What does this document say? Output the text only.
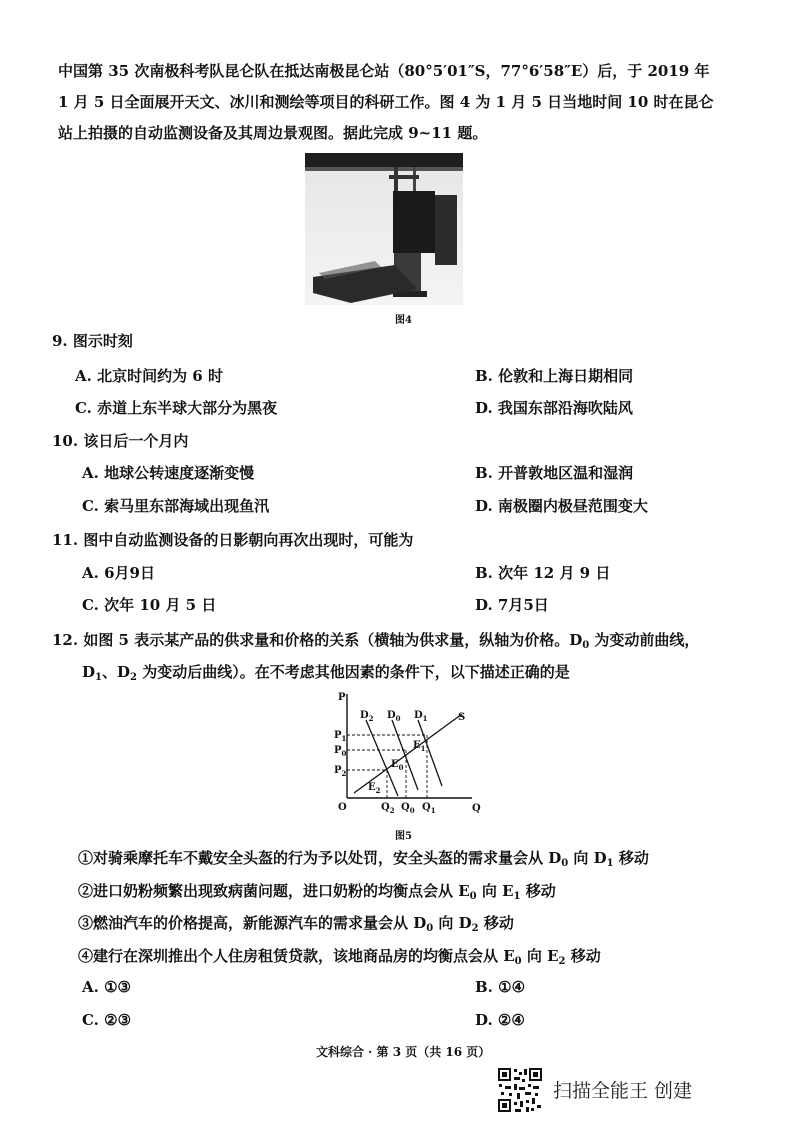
中国第 35 次南极科考队昆仑队在抵达南极昆仑站（80°5′01″S，77°6′58″E）后，于 2019 年
1 月 5 日全面展开天文、冰川和测绘等项目的科研工作。图 4 为 1 月 5 日当地时间 10 时在昆仑
站上拍摄的自动监测设备及其周边景观图。据此完成 9~11 题。
图4
9. 图示时刻
A. 北京时间约为 6 时	B. 伦敦和上海日期相同
C. 赤道上东半球大部分为黑夜	D. 我国东部沿海吹陆风
10. 该日后一个月内
A. 地球公转速度逐渐变慢	B. 开普敦地区温和湿润
C. 索马里东部海域出现鱼汛	D. 南极圈内极昼范围变大
11. 图中自动监测设备的日影朝向再次出现时，可能为
A. 6月9日	B. 次年 12 月 9 日
C. 次年 10 月 5 日	D. 7月5日
12. 如图 5 表示某产品的供求量和价格的关系（横轴为供求量，纵轴为价格。$D_0$ 为变动前曲线，
$D_1$、$D_2$ 为变动后曲线）。在不考虑其他因素的条件下，以下描述正确的是
P
Q
O
$P_1$
$P_0$
$P_2$
$Q_2$ $Q_0$ $Q_1$
$D_2$ $D_0$ $D_1$	S
$E_1$
$E_0$
$E_2$
图5
①对骑乘摩托车不戴安全头盔的行为予以处罚，安全头盔的需求量会从 $D_0$ 向 $D_1$ 移动
②进口奶粉频繁出现致病菌问题，进口奶粉的均衡点会从 $E_0$ 向 $E_1$ 移动
③燃油汽车的价格提高，新能源汽车的需求量会从 $D_0$ 向 $D_2$ 移动
④建行在深圳推出个人住房租赁贷款，该地商品房的均衡点会从 $E_0$ 向 $E_2$ 移动
A. ①③	B. ①④
C. ②③	D. ②④
文科综合 · 第 3 页（共 16 页）
扫描全能王 创建
